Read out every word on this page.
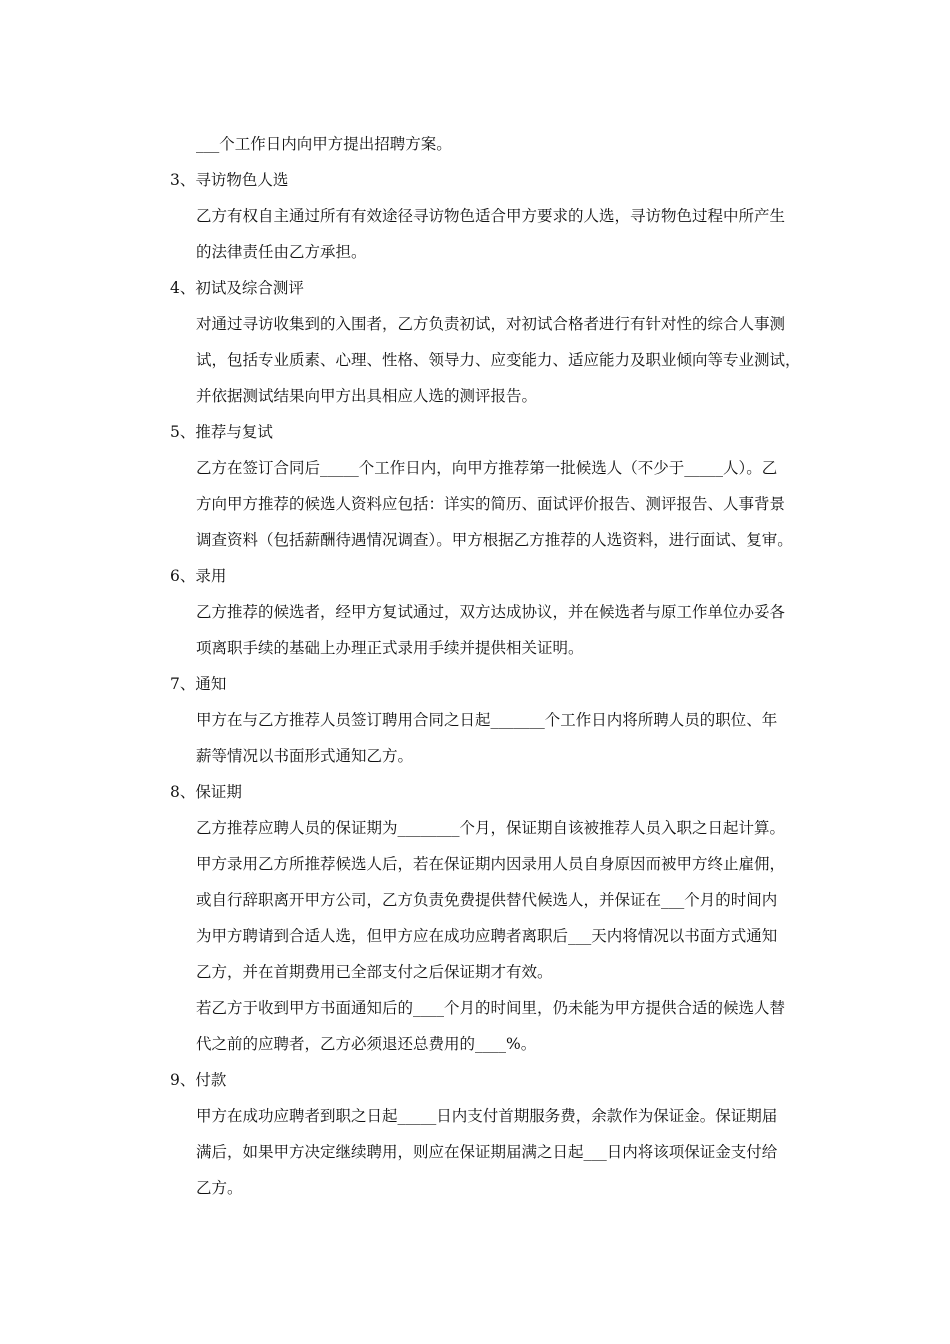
___个工作日内向甲方提出招聘方案。
3、寻访物色人选
乙方有权自主通过所有有效途径寻访物色适合甲方要求的人选，寻访物色过程中所产生
的法律责任由乙方承担。
4、初试及综合测评
对通过寻访收集到的入围者，乙方负责初试，对初试合格者进行有针对性的综合人事测
试，包括专业质素、心理、性格、领导力、应变能力、适应能力及职业倾向等专业测试，
并依据测试结果向甲方出具相应人选的测评报告。
5、推荐与复试
乙方在签订合同后_____个工作日内，向甲方推荐第一批候选人（不少于_____人）。乙
方向甲方推荐的候选人资料应包括：详实的简历、面试评价报告、测评报告、人事背景
调查资料（包括薪酬待遇情况调查）。甲方根据乙方推荐的人选资料，进行面试、复审。
6、录用
乙方推荐的候选者，经甲方复试通过，双方达成协议，并在候选者与原工作单位办妥各
项离职手续的基础上办理正式录用手续并提供相关证明。
7、通知
甲方在与乙方推荐人员签订聘用合同之日起_______个工作日内将所聘人员的职位、年
薪等情况以书面形式通知乙方。
8、保证期
乙方推荐应聘人员的保证期为________个月，保证期自该被推荐人员入职之日起计算。
甲方录用乙方所推荐候选人后，若在保证期内因录用人员自身原因而被甲方终止雇佣，
或自行辞职离开甲方公司，乙方负责免费提供替代候选人，并保证在___个月的时间内
为甲方聘请到合适人选，但甲方应在成功应聘者离职后___天内将情况以书面方式通知
乙方，并在首期费用已全部支付之后保证期才有效。
若乙方于收到甲方书面通知后的____个月的时间里，仍未能为甲方提供合适的候选人替
代之前的应聘者，乙方必须退还总费用的____%。
9、付款
甲方在成功应聘者到职之日起_____日内支付首期服务费，余款作为保证金。保证期届
满后，如果甲方决定继续聘用，则应在保证期届满之日起___日内将该项保证金支付给
乙方。
